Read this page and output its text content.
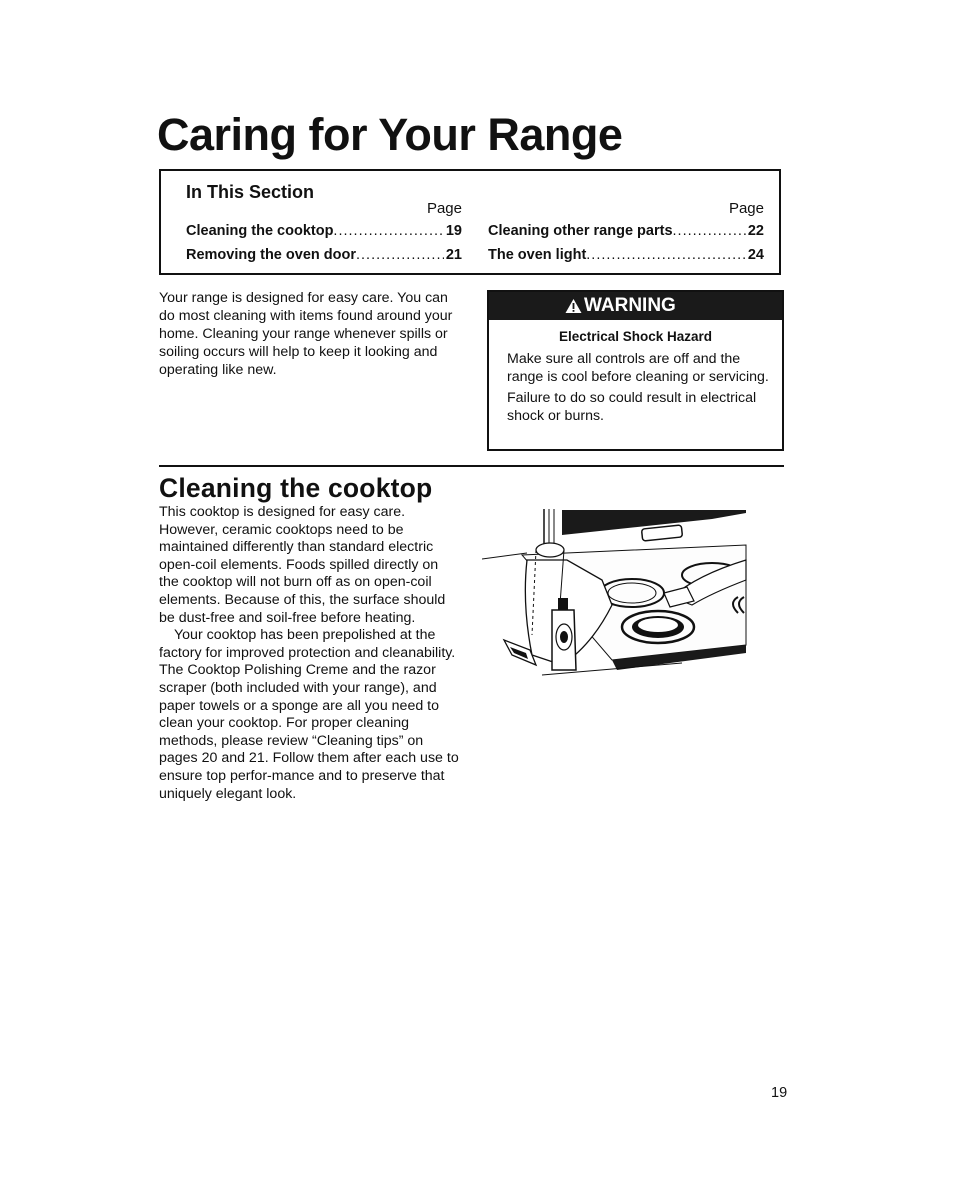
Caring for Your Range
In This Section
Page
Cleaning the cooktop .....	19
Removing the oven door .....	21
Page
Cleaning other range parts .....	22
The oven light .....	24

Your range is designed for easy care. You can do most cleaning with items found around your home. Cleaning your range whenever spills or soiling occurs will help to keep it looking and operating like new.

WARNING
Electrical Shock Hazard

Make sure all controls are off and the range is cool before cleaning or servicing.

Failure to do so could result in electrical shock or burns.

Cleaning the cooktop

This cooktop is designed for easy care. However, ceramic cooktops need to be maintained differently than standard electric open-coil elements. Foods spilled directly on the cooktop will not burn off as on open-coil elements. Because of this, the surface should be dust-free and soil-free before heating.

Your cooktop has been prepolished at the factory for improved protection and cleanability. The Cooktop Polishing Creme and the razor scraper (both included with your range), and paper towels or a sponge are all you need to clean your cooktop. For proper cleaning methods, please review “Cleaning tips” on pages 20 and 21. Follow them after each use to ensure top perfor-mance and to preserve that uniquely elegant look.

19
